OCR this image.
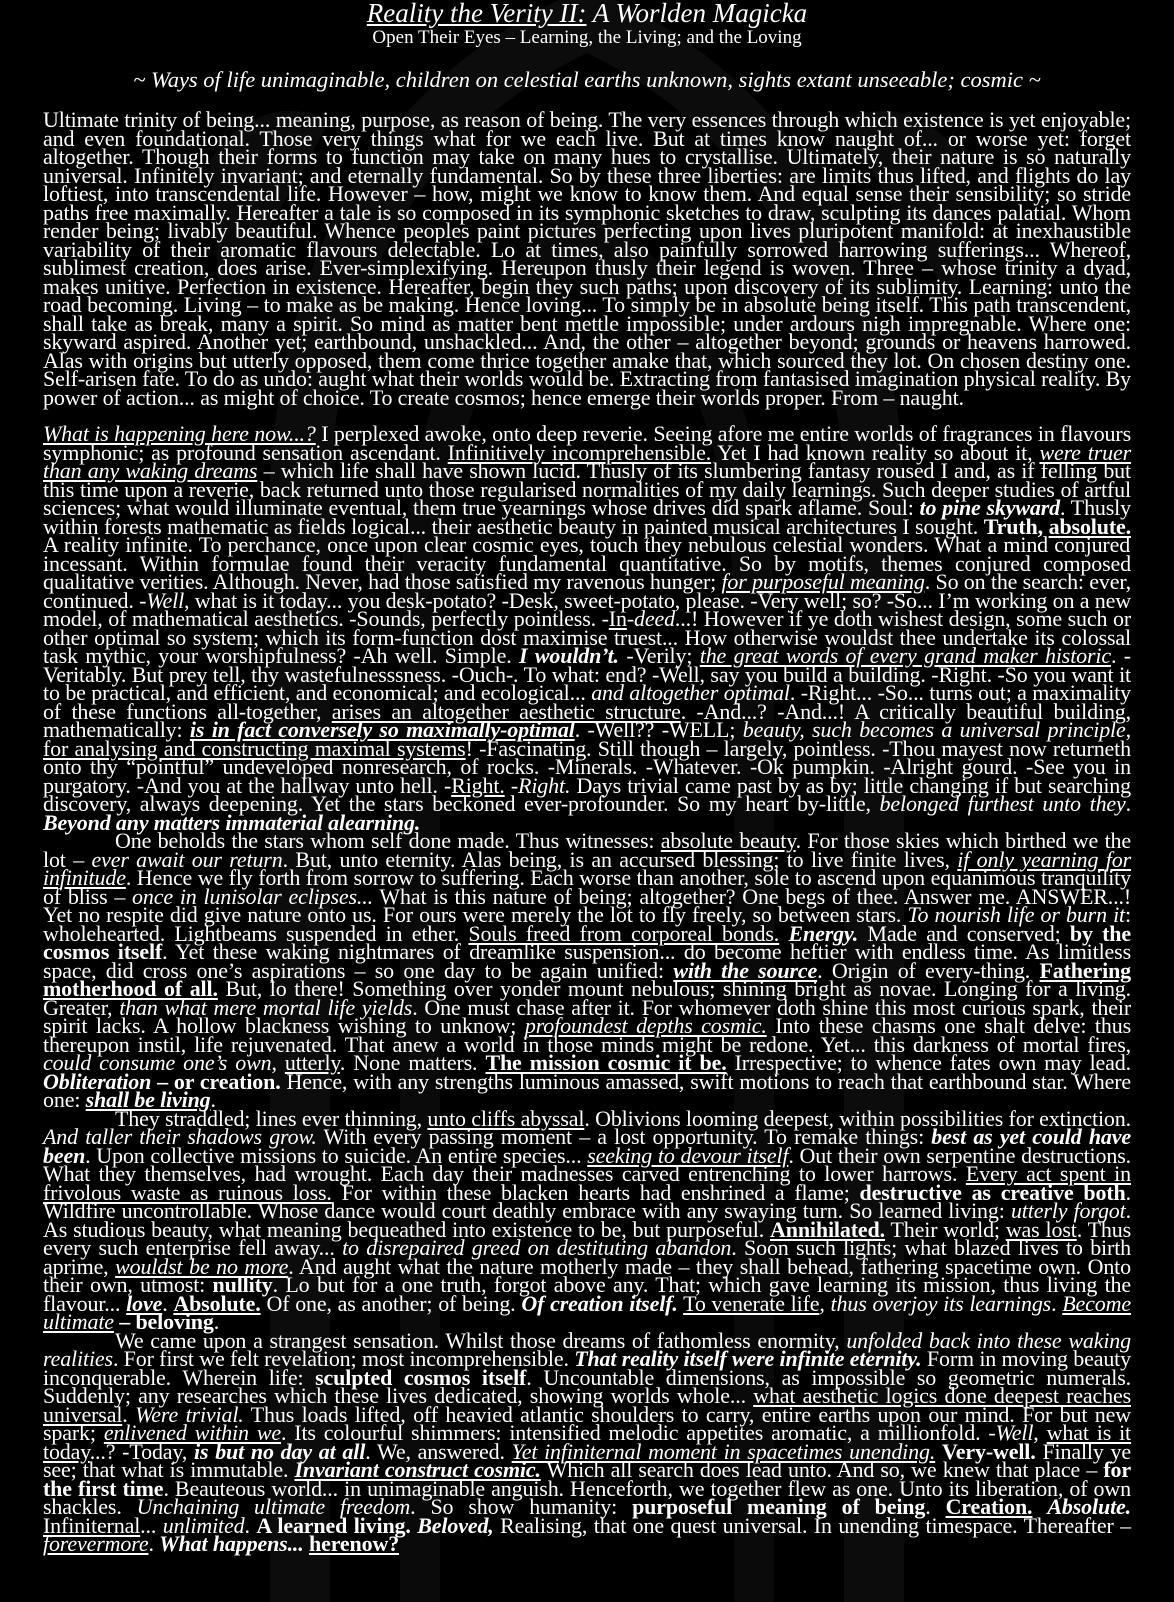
Reality the Verity II: A Worlden Magicka
Open Their Eyes – Learning, the Living; and the Loving
~ Ways of life unimaginable, children on celestial earths unknown, sights extant unseeable; cosmic ~
Ultimate trinity of being... meaning, purpose, as reason of being. The very essences through which existence is yet enjoyable; and even foundational. Those very things what for we each live. But at times know naught of... or worse yet: forget altogether. Though their forms to function may take on many hues to crystallise. Ultimately, their nature is so naturally universal. Infinitely invariant; and eternally fundamental. So by these three liberties: are limits thus lifted, and flights do lay loftiest, into transcendental life. However – how, might we know to know them. And equal sense their sensibility; so stride paths free maximally. Hereafter a tale is so composed in its symphonic sketches to draw, sculpting its dances palatial. Whom render being; livably beautiful. Whence peoples paint pictures perfecting upon lives pluripotent manifold: at inexhaustible variability of their aromatic flavours delectable. Lo at times, also painfully sorrowed harrowing sufferings... Whereof, sublimest creation, does arise. Ever-simplexifying. Hereupon thusly their legend is woven. Three – whose trinity a dyad, makes unitive. Perfection in existence. Hereafter, begin they such paths; upon discovery of its sublimity. Learning: unto the road becoming. Living – to make as be making. Hence loving... To simply be in absolute being itself. This path transcendent, shall take as break, many a spirit. So mind as matter bent mettle impossible; under ardours nigh impregnable. Where one: skyward aspired. Another yet; earthbound, unshackled... And, the other – altogether beyond; grounds or heavens harrowed. Alas with origins but utterly opposed, them come thrice together amake that, which sourced they lot. On chosen destiny one. Self-arisen fate. To do as undo: aught what their worlds would be. Extracting from fantasised imagination physical reality. By power of action... as might of choice. To create cosmos; hence emerge their worlds proper. From – naught.
What is happening here now...? I perplexed awoke, onto deep reverie. Seeing afore me entire worlds of fragrances in flavours symphonic; as profound sensation ascendant. Infinitively incomprehensible. Yet I had known reality so about it, were truer than any waking dreams – which life shall have shown lucid. Thusly of its slumbering fantasy roused I and, as if felling but this time upon a reverie, back returned unto those regularised normalities of my daily learnings. Such deeper studies of artful sciences; what would illuminate eventual, them true yearnings whose drives did spark aflame. Soul: to pine skyward. Thusly within forests mathematic as fields logical... their aesthetic beauty in painted musical architectures I sought. Truth, absolute. A reality infinite. To perchance, once upon clear cosmic eyes, touch they nebulous celestial wonders. What a mind conjured incessant. Within formulae found their veracity fundamental quantitative. So by motifs, themes conjured composed qualitative verities. Although. Never, had those satisfied my ravenous hunger; for purposeful meaning. So on the search: ever, continued. -Well, what is it today... you desk-potato? -Desk, sweet-potato, please. -Very well; so? -So... I’m working on a new model, of mathematical aesthetics. -Sounds, perfectly pointless. -In-deed...! However if ye doth wishest design, some such or other optimal so system; which its form-function dost maximise truest... How otherwise wouldst thee undertake its colossal task mythic, your worshipfulness? -Ah well. Simple. I wouldn’t. -Verily; the great words of every grand maker historic. -Veritably. But prey tell, thy wastefulnesssness. -Ouch-. To what: end? -Well, say you build a building. -Right. -So you want it to be practical, and efficient, and economical; and ecological... and altogether optimal. -Right... -So... turns out; a maximality of these functions all-together, arises an altogether aesthetic structure. -And...? -And...! A critically beautiful building, mathematically: is in fact conversely so maximally-optimal. -Well?? -WELL; beauty, such becomes a universal principle, for analysing and constructing maximal systems! -Fascinating. Still though – largely, pointless. -Thou mayest now returneth onto thy “pointful” undeveloped nonresearch, of rocks. -Minerals. -Whatever. -Ok pumpkin. -Alright gourd. -See you in purgatory. -And you at the hallway unto hell. -Right. -Right. Days trivial came past by as by; little changing if but searching discovery, always deepening. Yet the stars beckoned ever-profounder. So my heart by-little, belonged furthest unto they. Beyond any matters immaterial alearning.
One beholds the stars whom self done made. Thus witnesses: absolute beauty. For those skies which birthed we the lot – ever await our return. But, unto eternity. Alas being, is an accursed blessing; to live finite lives, if only yearning for infinitude. Hence we fly forth from sorrow to suffering. Each worse than another, sole to ascend upon equanimous tranquility of bliss – once in lunisolar eclipses... What is this nature of being; altogether? One begs of thee. Answer me. ANSWER...! Yet no respite did give nature onto us. For ours were merely the lot to fly freely, so between stars. To nourish life or burn it: wholehearted. Lightbeams suspended in ether. Souls freed from corporeal bonds. Energy. Made and conserved; by the cosmos itself. Yet these waking nightmares of dreamlike suspension... do become heftier with endless time. As limitless space, did cross one’s aspirations – so one day to be again unified: with the source. Origin of every-thing. Fathering motherhood of all. But, lo there! Something over yonder mount nebulous; shining bright as novae. Longing for a living. Greater, than what mere mortal life yields. One must chase after it. For whomever doth shine this most curious spark, their spirit lacks. A hollow blackness wishing to unknow; profoundest depths cosmic. Into these chasms one shalt delve: thus thereupon instil, life rejuvenated. That anew a world in those minds might be redone. Yet... this darkness of mortal fires, could consume one’s own, utterly. None matters. The mission cosmic it be. Irrespective; to whence fates own may lead. Obliteration – or creation. Hence, with any strengths luminous amassed, swift motions to reach that earthbound star. Where one: shall be living.
They straddled; lines ever thinning, unto cliffs abyssal. Oblivions looming deepest, within possibilities for extinction. And taller their shadows grow. With every passing moment – a lost opportunity. To remake things: best as yet could have been. Upon collective missions to suicide. An entire species... seeking to devour itself. Out their own serpentine destructions. What they themselves, had wrought. Each day their madnesses carved entrenching to lower harrows. Every act spent in frivolous waste as ruinous loss. For within these blacken hearts had enshrined a flame; destructive as creative both. Wildfire uncontrollable. Whose dance would court deathly embrace with any swaying turn. So learned living: utterly forgot. As studious beauty, what meaning bequeathed into existence to be, but purposeful. Annihilated. Their world; was lost. Thus every such enterprise fell away... to disrepaired greed on destituting abandon. Soon such lights; what blazed lives to birth aprime, wouldst be no more. And aught what the nature motherly made – they shall behead, fathering spacetime own. Onto their own, utmost: nullity. Lo but for a one truth, forgot above any. That; which gave learning its mission, thus living the flavour... love. Absolute. Of one, as another; of being. Of creation itself. To venerate life, thus overjoy its learnings. Become ultimate – beloving.
We came upon a strangest sensation. Whilst those dreams of fathomless enormity, unfolded back into these waking realities. For first we felt revelation; most incomprehensible. That reality itself were infinite eternity. Form in moving beauty inconquerable. Wherein life: sculpted cosmos itself. Uncountable dimensions, as impossible so geometric numerals. Suddenly; any researches which these lives dedicated, showing worlds whole... what aesthetic logics done deepest reaches universal. Were trivial. Thus loads lifted, off heavied atlantic shoulders to carry, entire earths upon our mind. For but new spark; enlivened within we. Its colourful shimmers: intensified melodic appetites aromatic, a millionfold. -Well, what is it today...? -Today, is but no day at all. We, answered. Yet infiniternal moment in spacetimes unending. Very-well. Finally ye see; that what is immutable. Invariant construct cosmic. Which all search does lead unto. And so, we knew that place – for the first time. Beauteous world... in unimaginable anguish. Henceforth, we together flew as one. Unto its liberation, of own shackles. Unchaining ultimate freedom. So show humanity: purposeful meaning of being. Creation. Absolute. Infiniternal... unlimited. A learned living. Beloved, Realising, that one quest universal. In unending timespace. Thereafter – forevermore. What happens... herenow?
